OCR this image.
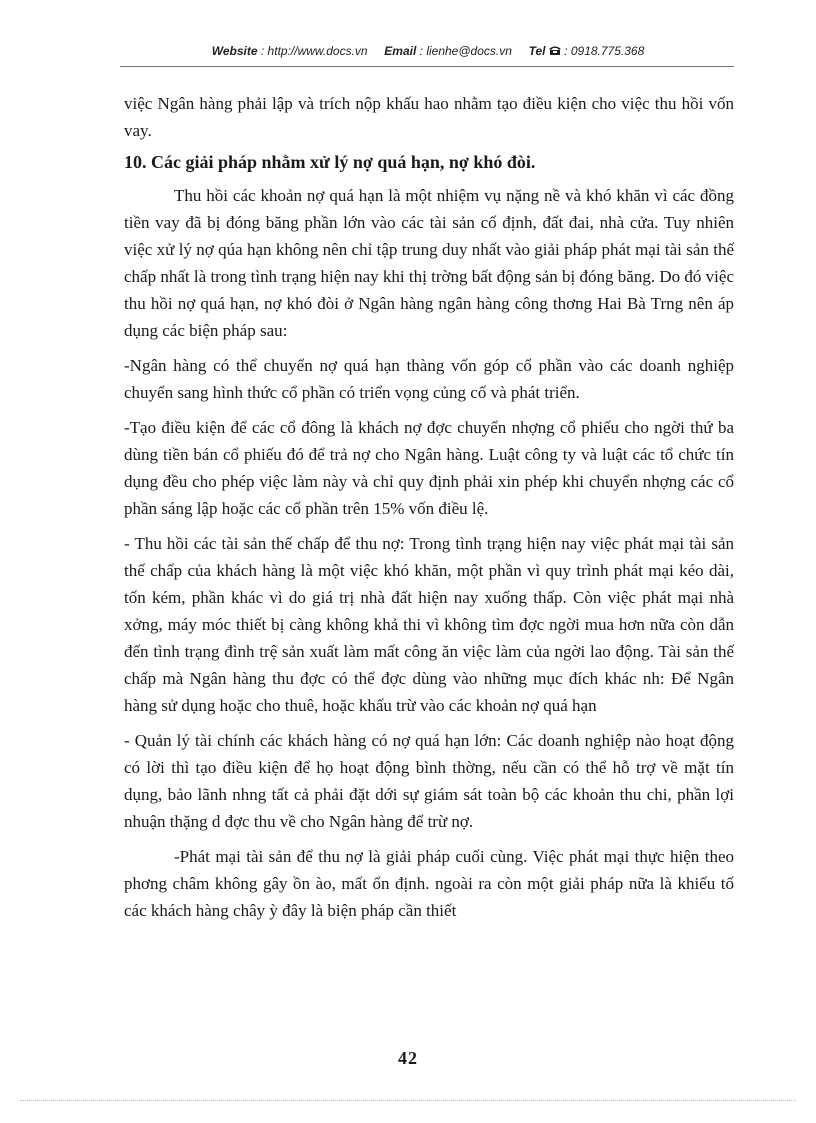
Website : http://www.docs.vn Email : lienhe@docs.vn Tel : 0918.775.368

việc Ngân hàng phải lập và trích nộp khấu hao nhằm tạo điều kiện cho việc thu hồi vốn vay.

10. Các giải pháp nhằm xử lý nợ quá hạn, nợ khó đòi.

Thu hồi các khoản nợ quá hạn là một nhiệm vụ nặng nề và khó khăn vì các đồng tiền vay đã bị đóng băng phần lớn vào các tài sản cố định, đất đai, nhà cửa. Tuy nhiên việc xử lý nợ qúa hạn không nên chỉ tập trung duy nhất vào giải pháp phát mại tài sản thế chấp nhất là trong tình trạng hiện nay khi thị trờng bất động sản bị đóng băng. Do đó việc thu hồi nợ quá hạn, nợ khó đòi ở Ngân hàng ngân hàng công thơng Hai Bà Trng nên áp dụng các biện pháp sau:

-Ngân hàng có thể chuyển nợ quá hạn thàng vốn góp cổ phần vào các doanh nghiệp chuyển sang hình thức cổ phần có triển vọng củng cố và phát triển.

-Tạo điều kiện để các cổ đông là khách nợ đợc chuyển nhợng cổ phiếu cho ngời thứ ba dùng tiền bán cổ phiếu đó để trả nợ cho Ngân hàng. Luật công ty và luật các tổ chức tín dụng đều cho phép việc làm này và chỉ quy định phải xin phép khi chuyển nhợng các cổ phần sáng lập hoặc các cổ phần trên 15% vốn điều lệ.

- Thu hồi các tài sản thế chấp để thu nợ: Trong tình trạng hiện nay việc phát mại tài sản thế chấp của khách hàng là một việc khó khăn, một phần vì quy trình phát mại kéo dài, tốn kém, phần khác vì do giá trị nhà đất hiện nay xuống thấp. Còn việc phát mại nhà xởng, máy móc thiết bị càng không khả thi vì không tìm đợc ngời mua hơn nữa còn dẫn đến tình trạng đình trệ sản xuất làm mất công ăn việc làm của ngời lao động. Tài sản thế chấp mà Ngân hàng thu đợc có thể đợc dùng vào những mục đích khác nh: Để Ngân hàng sử dụng hoặc cho thuê, hoặc khấu trừ vào các khoản nợ quá hạn

- Quản lý tài chính các khách hàng có nợ quá hạn lớn: Các doanh nghiệp nào hoạt động có lời thì tạo điều kiện để họ hoạt động bình thờng, nếu cần có thể hỗ trợ về mặt tín dụng, bảo lãnh nhng tất cả phải đặt dới sự giám sát toàn bộ các khoản thu chi, phần lợi nhuận thặng d đợc thu về cho Ngân hàng để trừ nợ.

-Phát mại tài sản để thu nợ là giải pháp cuối cùng. Việc phát mại thực hiện theo phơng châm không gây ồn ào, mất ổn định. ngoài ra còn một giải pháp nữa là khiếu tố các khách hàng chây ỳ đây là biện pháp cần thiết

42
